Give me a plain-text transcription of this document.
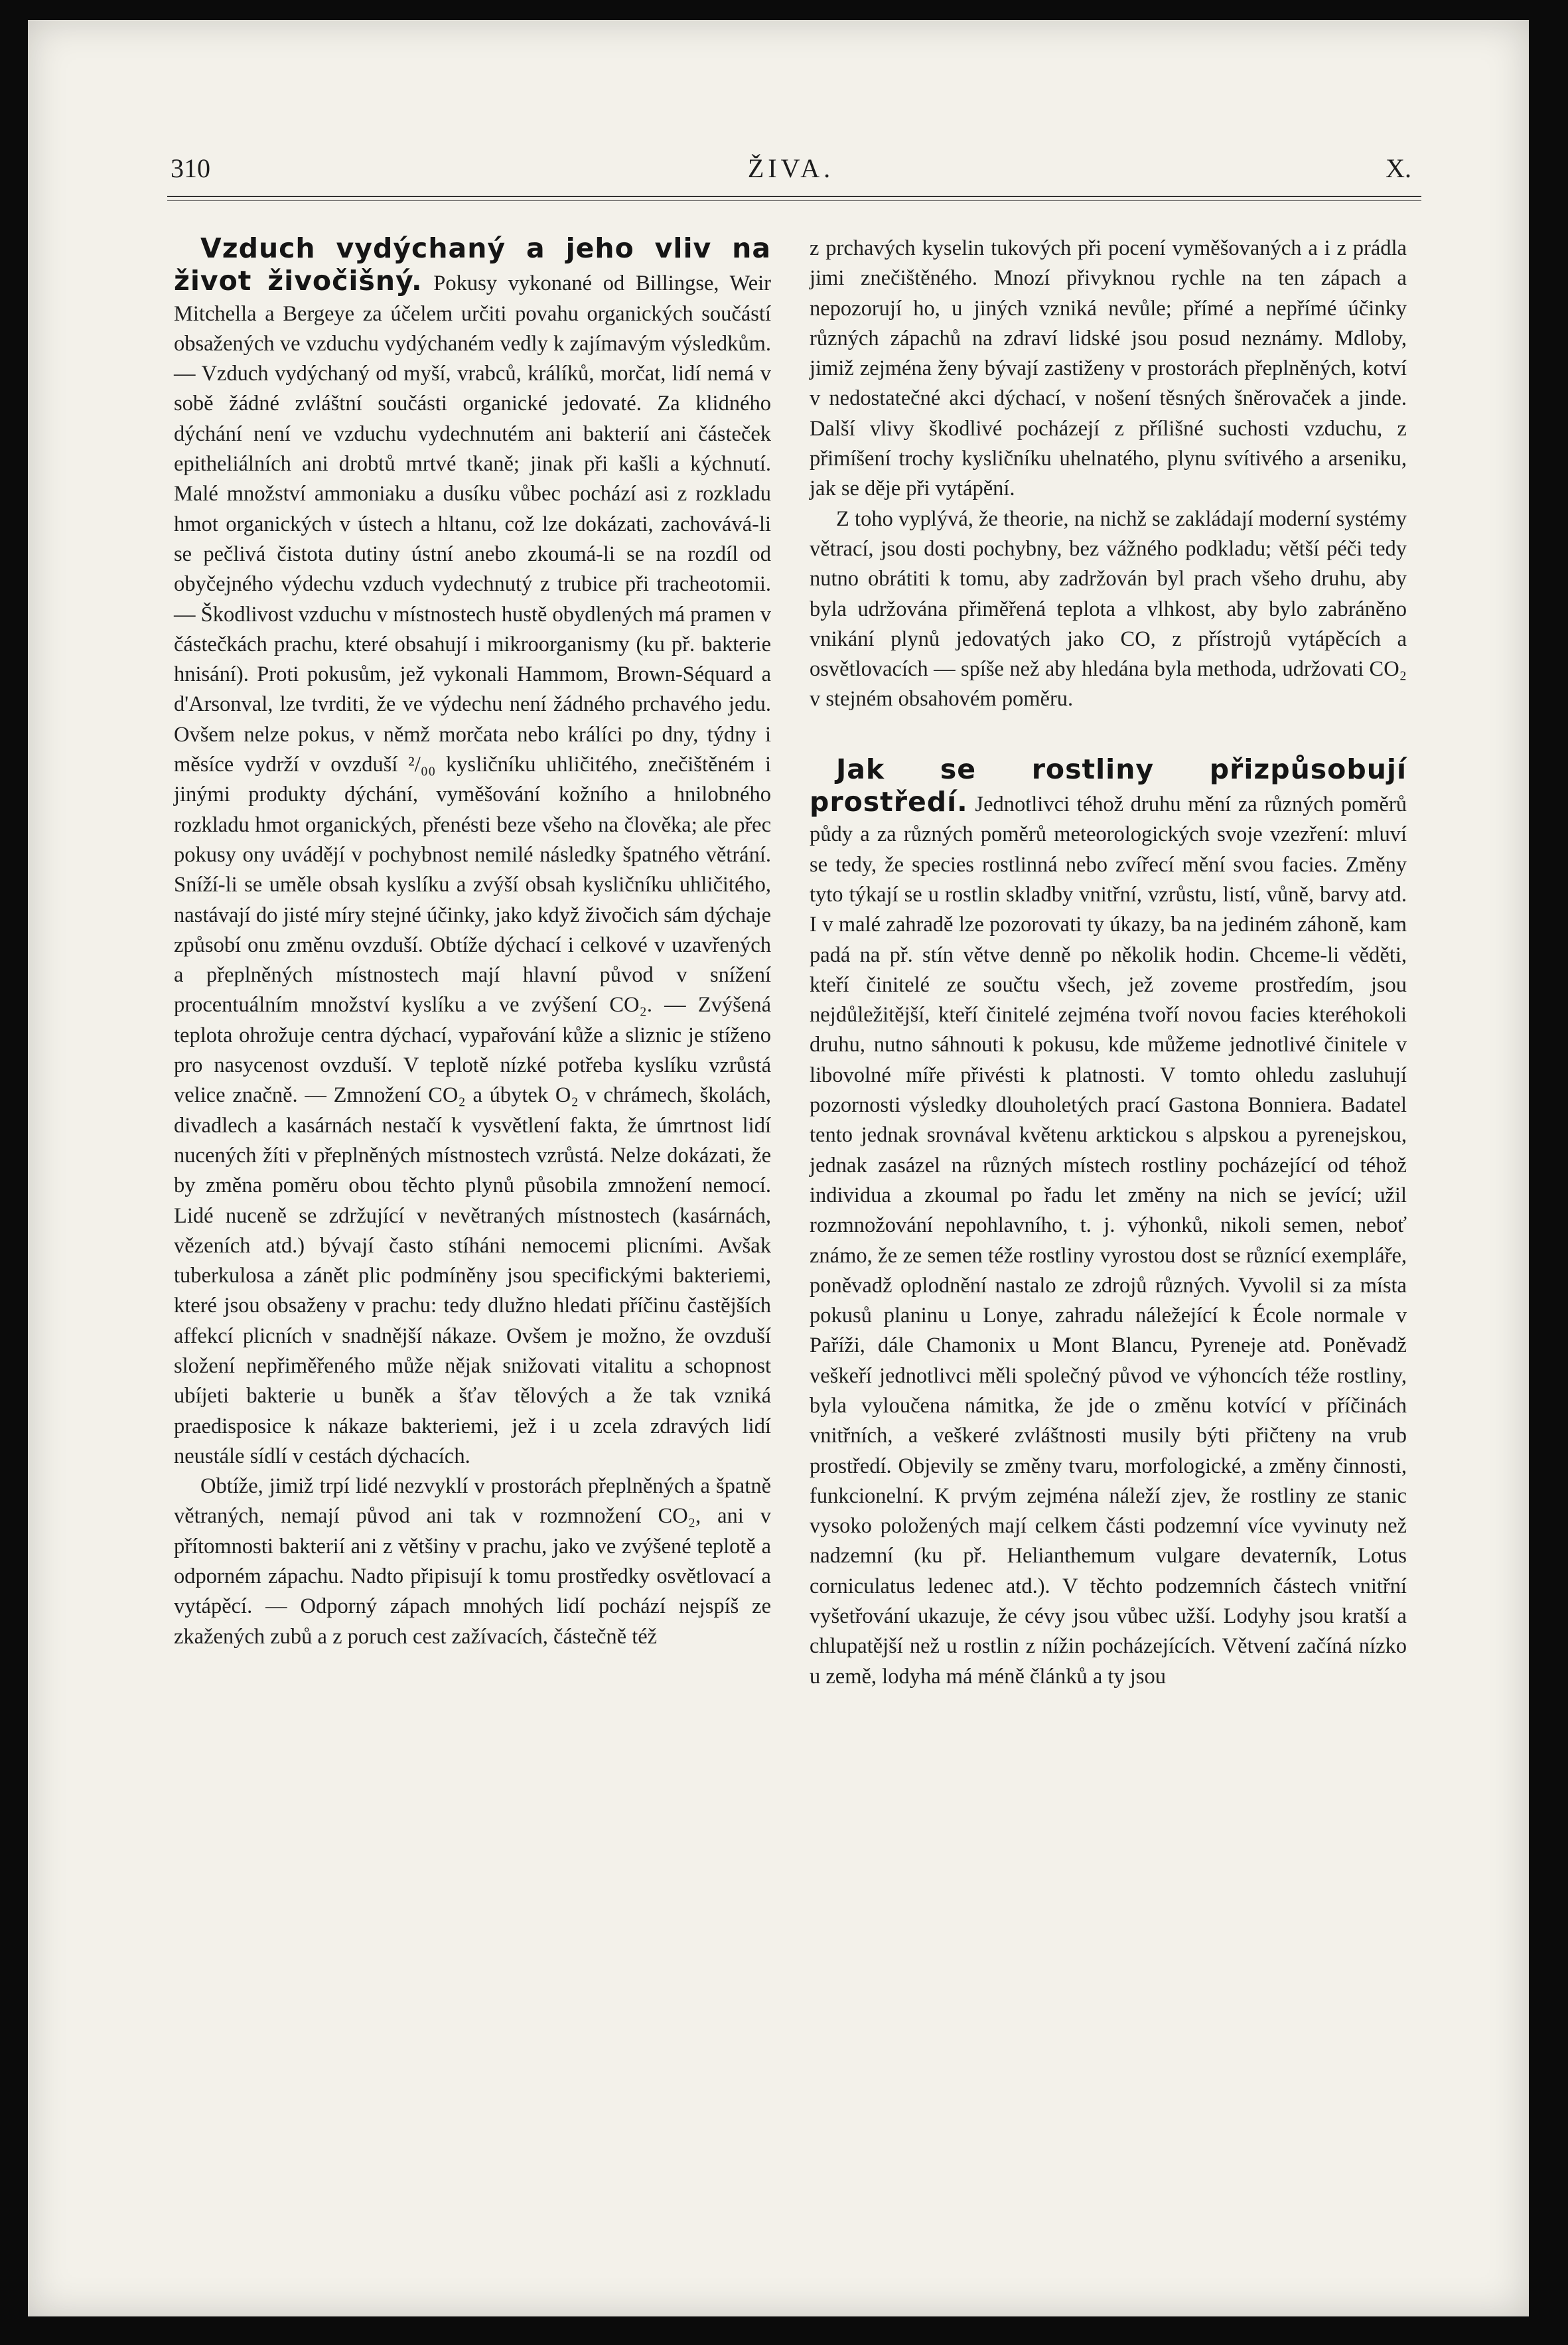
310	ŽIVA.	X.

Vzduch vydýchaný a jeho vliv na život živočišný. Pokusy vykonané od Billingse, Weir Mitchella a Bergeye za účelem určiti povahu organických součástí obsažených ve vzduchu vydýchaném vedly k zajímavým výsledkům. — Vzduch vydýchaný od myší, vrabců, králíků, morčat, lidí nemá v sobě žádné zvláštní součásti organické jedovaté. Za klidného dýchání není ve vzduchu vydechnutém ani bakterií ani částeček epitheliálních ani drobtů mrtvé tkaně; jinak při kašli a kýchnutí. Malé množství ammoniaku a dusíku vůbec pochází asi z rozkladu hmot organických v ústech a hltanu, což lze dokázati, zachovává-li se pečlivá čistota dutiny ústní anebo zkoumá-li se na rozdíl od obyčejného výdechu vzduch vydechnutý z trubice při tracheotomii. — Škodlivost vzduchu v místnostech hustě obydlených má pramen v částečkách prachu, které obsahují i mikroorganismy (ku př. bakterie hnisání). Proti pokusům, jež vykonali Hammom, Brown-Séquard a d'Arsonval, lze tvrditi, že ve výdechu není žádného prchavého jedu. Ovšem nelze pokus, v němž morčata nebo králíci po dny, týdny i měsíce vydrží v ovzduší ²/₀₀ kysličníku uhličitého, znečištěném i jinými produkty dýchání, vyměšování kožního a hnilobného rozkladu hmot organických, přenésti beze všeho na člověka; ale přec pokusy ony uvádějí v pochybnost nemilé následky špatného větrání. Sníží-li se uměle obsah kyslíku a zvýší obsah kysličníku uhličitého, nastávají do jisté míry stejné účinky, jako když živočich sám dýchaje způsobí onu změnu ovzduší. Obtíže dýchací i celkové v uzavřených a přeplněných místnostech mají hlavní původ v snížení procentuálním množství kyslíku a ve zvýšení CO₂. — Zvýšená teplota ohrožuje centra dýchací, vypařování kůže a sliznic je stíženo pro nasycenost ovzduší. V teplotě nízké potřeba kyslíku vzrůstá velice značně. — Zmnožení CO₂ a úbytek O₂ v chrámech, školách, divadlech a kasárnách nestačí k vysvětlení fakta, že úmrtnost lidí nucených žíti v přeplněných místnostech vzrůstá. Nelze dokázati, že by změna poměru obou těchto plynů působila zmnožení nemocí. Lidé nuceně se zdržující v nevětraných místnostech (kasárnách, vězeních atd.) bývají často stíháni nemocemi plicními. Avšak tuberkulosa a zánět plic podmíněny jsou specifickými bakteriemi, které jsou obsaženy v prachu: tedy dlužno hledati příčinu častějších affekcí plicních v snadnější nákaze. Ovšem je možno, že ovzduší složení nepřiměřeného může nějak snižovati vitalitu a schopnost ubíjeti bakterie u buněk a šťav tělových a že tak vzniká praedisposice k nákaze bakteriemi, jež i u zcela zdravých lidí neustále sídlí v cestách dýchacích.

Obtíže, jimiž trpí lidé nezvyklí v prostorách přeplněných a špatně větraných, nemají původ ani tak v rozmnožení CO₂, ani v přítomnosti bakterií ani z většiny v prachu, jako ve zvýšené teplotě a odporném zápachu. Nadto připisují k tomu prostředky osvětlovací a vytápěcí. — Odporný zápach mnohých lidí pochází nejspíš ze zkažených zubů a z poruch cest zažívacích, částečně též

z prchavých kyselin tukových při pocení vyměšovaných a i z prádla jimi znečištěného. Mnozí přivyknou rychle na ten zápach a nepozorují ho, u jiných vzniká nevůle; přímé a nepřímé účinky různých zápachů na zdraví lidské jsou posud neznámy. Mdloby, jimiž zejména ženy bývají zastiženy v prostorách přeplněných, kotví v nedostatečné akci dýchací, v nošení těsných šněrovaček a jinde. Další vlivy škodlivé pocházejí z přílišné suchosti vzduchu, z přimíšení trochy kysličníku uhelnatého, plynu svítivého a arseniku, jak se děje při vytápění.

Z toho vyplývá, že theorie, na nichž se zakládají moderní systémy větrací, jsou dosti pochybny, bez vážného podkladu; větší péči tedy nutno obrátiti k tomu, aby zadržován byl prach všeho druhu, aby byla udržována přiměřená teplota a vlhkost, aby bylo zabráněno vnikání plynů jedovatých jako CO, z přístrojů vytápěcích a osvětlovacích — spíše než aby hledána byla methoda, udržovati CO₂ v stejném obsahovém poměru.

Jak se rostliny přizpůsobují prostředí. Jednotlivci téhož druhu mění za různých poměrů půdy a za různých poměrů meteorologických svoje vzezření: mluví se tedy, že species rostlinná nebo zvířecí mění svou facies. Změny tyto týkají se u rostlin skladby vnitřní, vzrůstu, listí, vůně, barvy atd. I v malé zahradě lze pozorovati ty úkazy, ba na jediném záhoně, kam padá na př. stín větve denně po několik hodin. Chceme-li věděti, kteří činitelé ze součtu všech, jež zoveme prostředím, jsou nejdůležitější, kteří činitelé zejména tvoří novou facies kteréhokoli druhu, nutno sáhnouti k pokusu, kde můžeme jednotlivé činitele v libovolné míře přivésti k platnosti. V tomto ohledu zasluhují pozornosti výsledky dlouholetých prací Gastona Bonniera. Badatel tento jednak srovnával květenu arktickou s alpskou a pyrenejskou, jednak zasázel na různých místech rostliny pocházející od téhož individua a zkoumal po řadu let změny na nich se jevící; užil rozmnožování nepohlavního, t. j. výhonků, nikoli semen, neboť známo, že ze semen téže rostliny vyrostou dost se různící exempláře, poněvadž oplodnění nastalo ze zdrojů různých. Vyvolil si za místa pokusů planinu u Lonye, zahradu náležející k École normale v Paříži, dále Chamonix u Mont Blancu, Pyreneje atd. Poněvadž veškeří jednotlivci měli společný původ ve výhoncích téže rostliny, byla vyloučena námitka, že jde o změnu kotvící v příčinách vnitřních, a veškeré zvláštnosti musily býti přičteny na vrub prostředí. Objevily se změny tvaru, morfologické, a změny činnosti, funkcionelní. K prvým zejména náleží zjev, že rostliny ze stanic vysoko položených mají celkem části podzemní více vyvinuty než nadzemní (ku př. Helianthemum vulgare devaterník, Lotus corniculatus ledenec atd.). V těchto podzemních částech vnitřní vyšetřování ukazuje, že cévy jsou vůbec užší. Lodyhy jsou kratší a chlupatější než u rostlin z nížin pocházejících. Větvení začíná nízko u země, lodyha má méně článků a ty jsou
